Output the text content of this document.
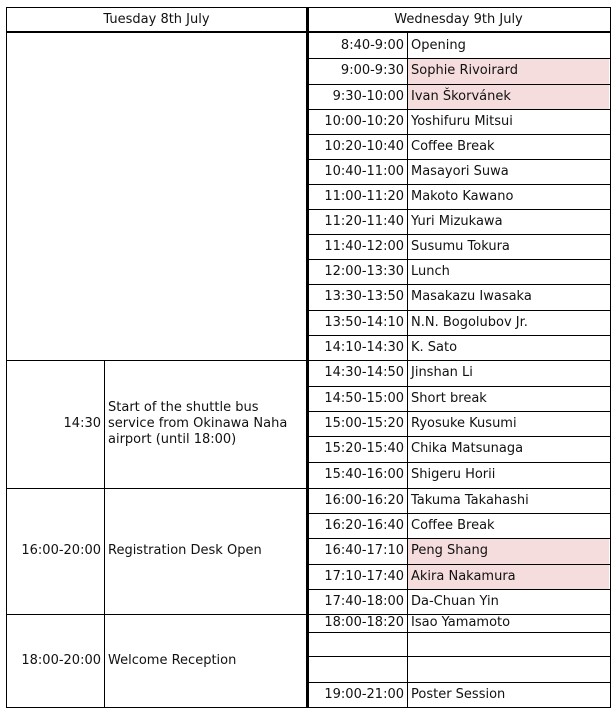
Tuesday 8th July	Wednesday 9th July
8:40-9:00 Opening
9:00-9:30 Sophie Rivoirard
9:30-10:00 Ivan Škorvánek
10:00-10:20 Yoshifuru Mitsui
10:20-10:40 Coffee Break
10:40-11:00 Masayori Suwa
11:00-11:20 Makoto Kawano
11:20-11:40 Yuri Mizukawa
11:40-12:00 Susumu Tokura
12:00-13:30 Lunch
13:30-13:50 Masakazu Iwasaka
13:50-14:10 N.N. Bogolubov Jr.
14:10-14:30 K. Sato
14:30-14:50 Jinshan Li
14:50-15:00 Short break
15:00-15:20 Ryosuke Kusumi
15:20-15:40 Chika Matsunaga
15:40-16:00 Shigeru Horii
16:00-16:20 Takuma Takahashi
16:20-16:40 Coffee Break
16:40-17:10 Peng Shang
17:10-17:40 Akira Nakamura
17:40-18:00 Da-Chuan Yin
18:00-18:20 Isao Yamamoto
19:00-21:00 Poster Session
14:30
Start of the shuttle bus service from Okinawa Naha airport (until 18:00)
16:00-20:00 Registration Desk Open
18:00-20:00 Welcome Reception
